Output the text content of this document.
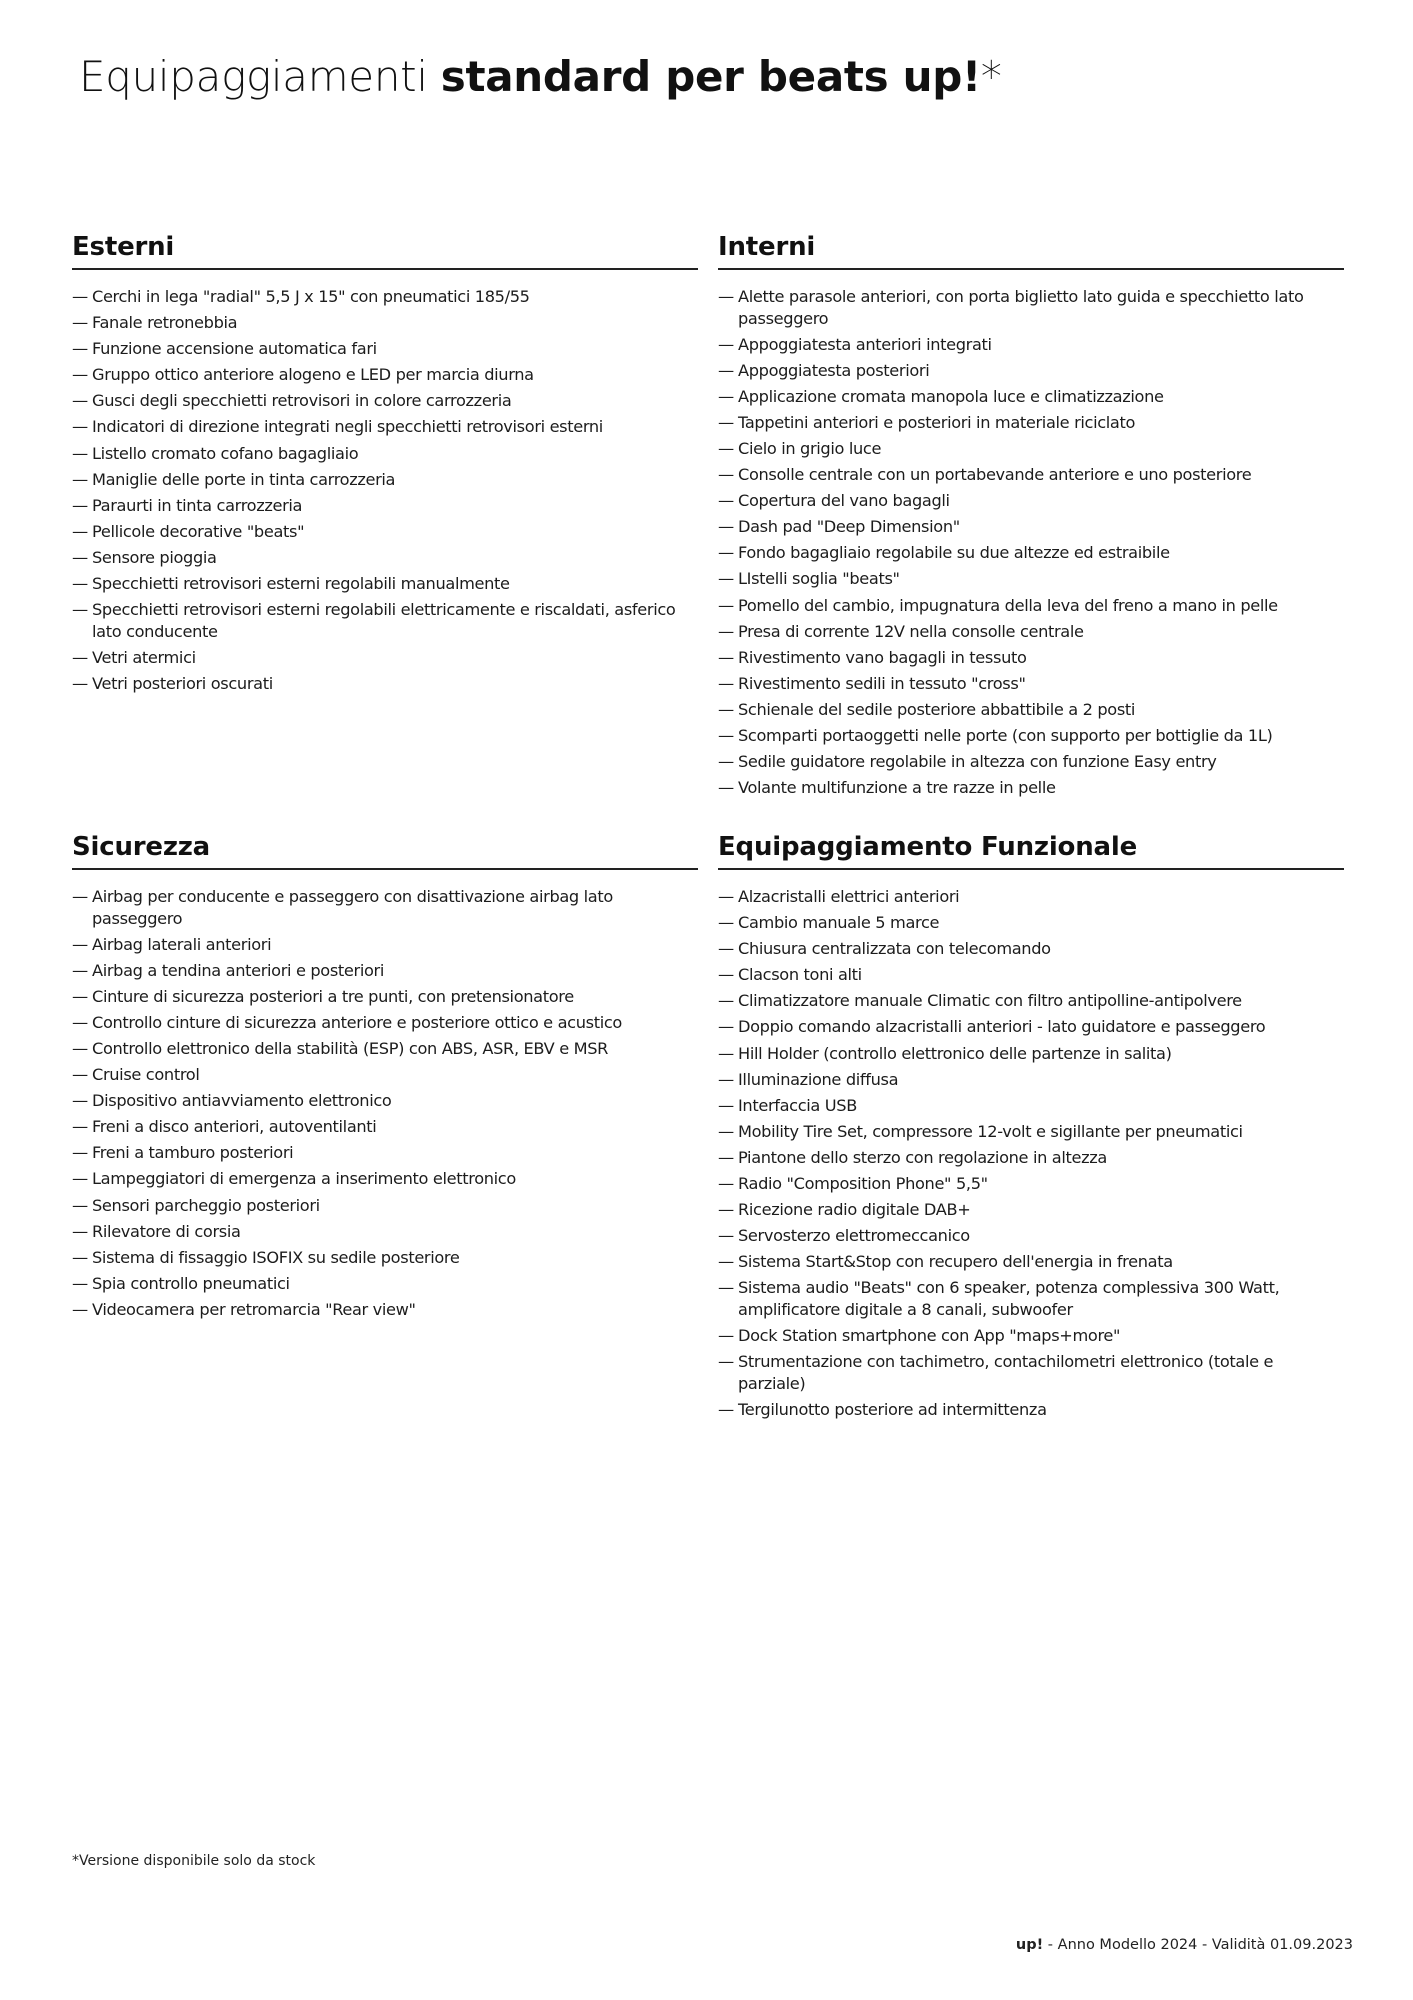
Equipaggiamenti standard per beats up!*
Esterni
— Cerchi in lega "radial" 5,5 J x 15" con pneumatici 185/55
— Fanale retronebbia
— Funzione accensione automatica fari
— Gruppo ottico anteriore alogeno e LED per marcia diurna
— Gusci degli specchietti retrovisori in colore carrozzeria
— Indicatori di direzione integrati negli specchietti retrovisori esterni
— Listello cromato cofano bagagliaio
— Maniglie delle porte in tinta carrozzeria
— Paraurti in tinta carrozzeria
— Pellicole decorative "beats"
— Sensore pioggia
— Specchietti retrovisori esterni regolabili manualmente
— Specchietti retrovisori esterni regolabili elettricamente e riscaldati, asferico lato conducente
— Vetri atermici
— Vetri posteriori oscurati
Interni
— Alette parasole anteriori, con porta biglietto lato guida e specchietto lato passeggero
— Appoggiatesta anteriori integrati
— Appoggiatesta posteriori
— Applicazione cromata manopola luce e climatizzazione
— Tappetini anteriori e posteriori in materiale riciclato
— Cielo in grigio luce
— Consolle centrale con un portabevande anteriore e uno posteriore
— Copertura del vano bagagli
— Dash pad "Deep Dimension"
— Fondo bagagliaio regolabile su due altezze ed estraibile
— LIstelli soglia "beats"
— Pomello del cambio, impugnatura della leva del freno a mano in pelle
— Presa di corrente 12V nella consolle centrale
— Rivestimento vano bagagli in tessuto
— Rivestimento sedili in tessuto "cross"
— Schienale del sedile posteriore abbattibile a 2 posti
— Scomparti portaoggetti nelle porte (con supporto per bottiglie da 1L)
— Sedile guidatore regolabile in altezza con funzione Easy entry
— Volante multifunzione a tre razze in pelle
Sicurezza
— Airbag per conducente e passeggero con disattivazione airbag lato passeggero
— Airbag laterali anteriori
— Airbag a tendina anteriori e posteriori
— Cinture di sicurezza posteriori a tre punti, con pretensionatore
— Controllo cinture di sicurezza anteriore e posteriore ottico e acustico
— Controllo elettronico della stabilità (ESP) con ABS, ASR, EBV e MSR
— Cruise control
— Dispositivo antiavviamento elettronico
— Freni a disco anteriori, autoventilanti
— Freni a tamburo posteriori
— Lampeggiatori di emergenza a inserimento elettronico
— Sensori parcheggio posteriori
— Rilevatore di corsia
— Sistema di fissaggio ISOFIX su sedile posteriore
— Spia controllo pneumatici
— Videocamera per retromarcia "Rear view"
Equipaggiamento Funzionale
— Alzacristalli elettrici anteriori
— Cambio manuale 5 marce
— Chiusura centralizzata con telecomando
— Clacson toni alti
— Climatizzatore manuale Climatic con filtro antipolline-antipolvere
— Doppio comando alzacristalli anteriori - lato guidatore e passeggero
— Hill Holder (controllo elettronico delle partenze in salita)
— Illuminazione diffusa
— Interfaccia USB
— Mobility Tire Set, compressore 12-volt e sigillante per pneumatici
— Piantone dello sterzo con regolazione in altezza
— Radio "Composition Phone" 5,5"
— Ricezione radio digitale DAB+
— Servosterzo elettromeccanico
— Sistema Start&Stop con recupero dell'energia in frenata
— Sistema audio "Beats" con 6 speaker, potenza complessiva 300 Watt, amplificatore digitale a 8 canali, subwoofer
— Dock Station smartphone con App "maps+more"
— Strumentazione con tachimetro, contachilometri elettronico (totale e parziale)
— Tergilunotto posteriore ad intermittenza
*Versione disponibile solo da stock
up! - Anno Modello 2024 - Validità 01.09.2023
